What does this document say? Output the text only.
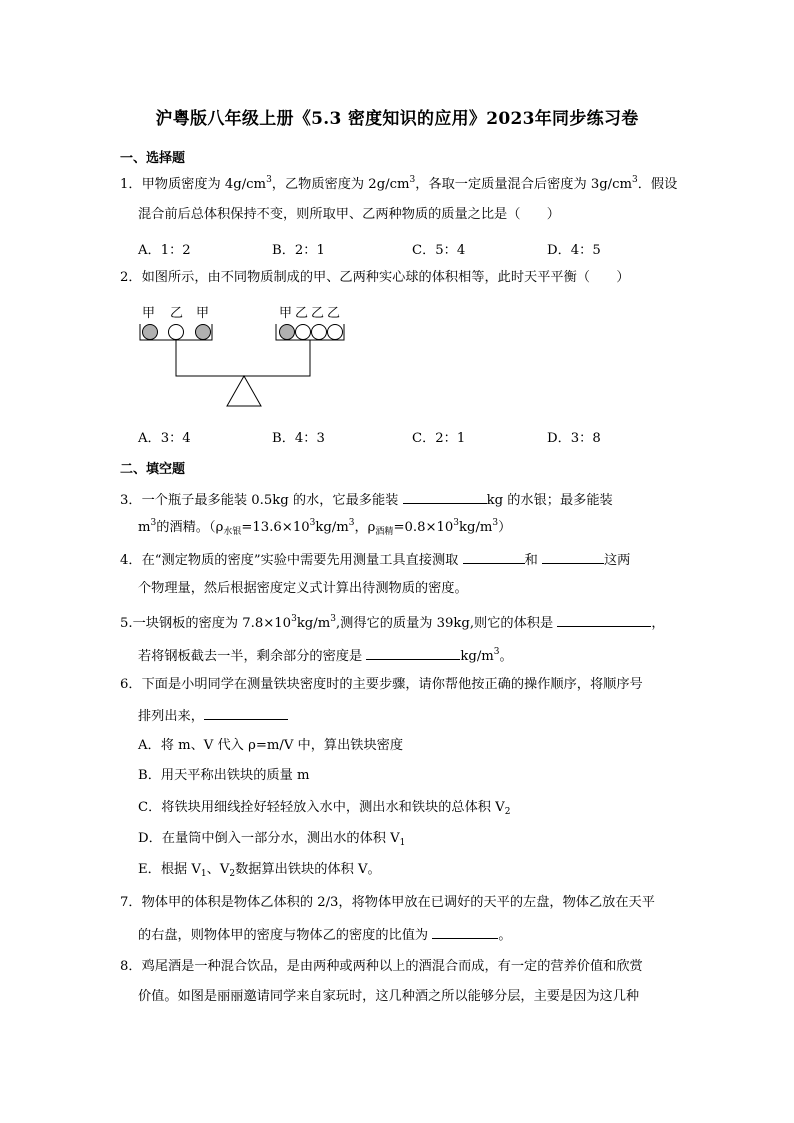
沪粤版八年级上册《5.3 密度知识的应用》2023年同步练习卷
一、选择题
1．甲物质密度为 $4g/cm^3$，乙物质密度为 $2g/cm^3$，各取一定质量混合后密度为 $3g/cm^3$．假设
混合前后总体积保持不变，则所取甲、乙两种物质的质量之比是（　　）
A．1：2	B．2：1	C．5：4	D．4：5
2．如图所示，由不同物质制成的甲、乙两种实心球的体积相等，此时天平平衡（　　）
甲 乙 甲	甲 乙 乙 乙
A．3：4	B．4：3	C．2：1	D．3：8
二、填空题
3．一个瓶子最多能装 0.5kg 的水，它最多能装	kg 的水银；最多能装
$m^3$的酒精。（$\rho_{水银}=13.6\times 10^3kg/m^3$，$\rho_{酒精}=0.8\times 10^3kg/m^3$）
4．在“测定物质的密度”实验中需要先用测量工具直接测取	和	这两
个物理量，然后根据密度定义式计算出待测物质的密度。
5.一块钢板的密度为 $7.8\times 10^3kg/m^3$,测得它的质量为 39kg,则它的体积是	，
若将钢板截去一半，剩余部分的密度是	$kg/m^3$。
6．下面是小明同学在测量铁块密度时的主要步骤，请你帮他按正确的操作顺序，将顺序号
排列出来，
A．将 m、V 代入 ρ=m/V 中，算出铁块密度
B．用天平称出铁块的质量 m
C．将铁块用细线拴好轻轻放入水中，测出水和铁块的总体积 $V_2$
D．在量筒中倒入一部分水，测出水的体积 $V_1$
E．根据 $V_1$、$V_2$数据算出铁块的体积 V。
7．物体甲的体积是物体乙体积的 2/3，将物体甲放在已调好的天平的左盘，物体乙放在天平
的右盘，则物体甲的密度与物体乙的密度的比值为	。
8．鸡尾酒是一种混合饮品，是由两种或两种以上的酒混合而成，有一定的营养价值和欣赏
价值。如图是丽丽邀请同学来自家玩时，这几种酒之所以能够分层，主要是因为这几种
